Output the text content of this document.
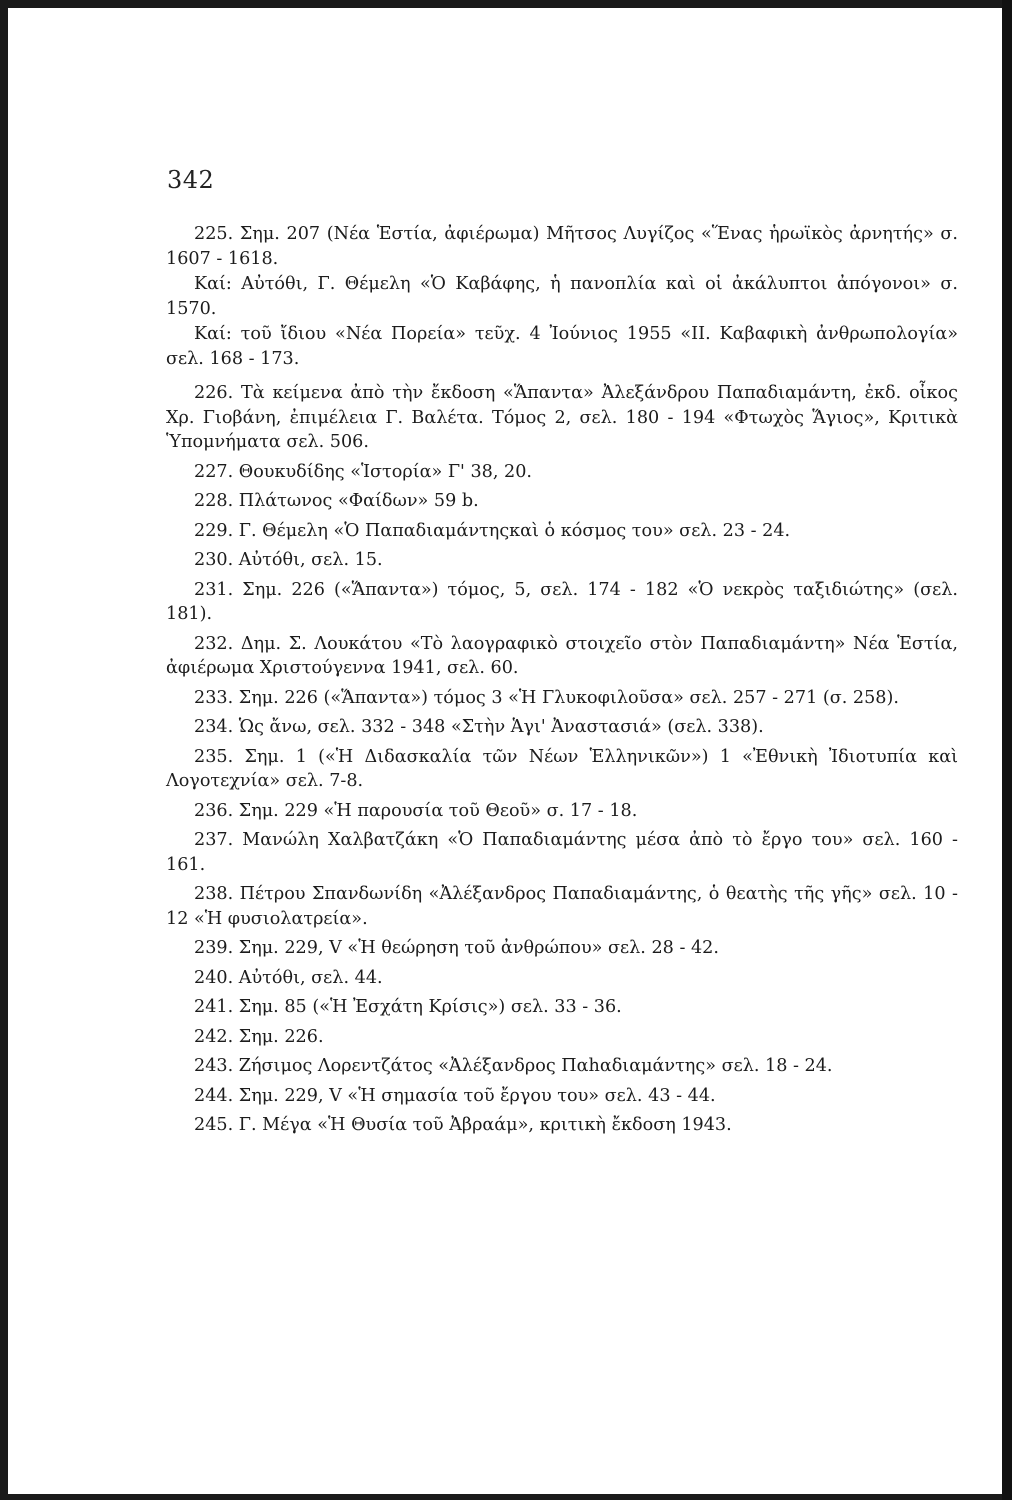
342

225. Σημ. 207 (Νέα Ἑστία, ἀφιέρωμα) Μῆτσος Λυγίζος «Ἕνας ἡρωϊκὸς ἀρνητής» σ. 1607 - 1618.

Καί: Αὐτόθι, Γ. Θέμελη «Ὁ Καβάφης, ἡ πανοπλία καὶ οἱ ἀκάλυπτοι ἀπόγονοι» σ. 1570.

Καί: τοῦ ἴδιου «Νέα Πορεία» τεῦχ. 4 Ἰούνιος 1955 «ΙΙ. Καβαφικὴ ἀνθρωπολογία» σελ. 168 - 173.

226. Τὰ κείμενα ἀπὸ τὴν ἔκδοση «Ἅπαντα» Ἀλεξάνδρου Παπαδιαμάντη, ἐκδ. οἶκος Χρ. Γιοβάνη, ἐπιμέλεια Γ. Βαλέτα. Τόμος 2, σελ. 180 - 194 «Φτωχὸς Ἅγιος», Κριτικὰ Ὑπομνήματα σελ. 506.

227. Θουκυδίδης «Ἱστορία» Γ' 38, 20.

228. Πλάτωνος «Φαίδων» 59 b.

229. Γ. Θέμελη «Ὁ Παπαδιαμάντηςκαὶ ὁ κόσμος του» σελ. 23 - 24.

230. Αὐτόθι, σελ. 15.

231. Σημ. 226 («Ἅπαντα») τόμος, 5, σελ. 174 - 182 «Ὁ νεκρὸς ταξιδιώτης» (σελ. 181).

232. Δημ. Σ. Λουκάτου «Τὸ λαογραφικὸ στοιχεῖο στὸν Παπαδιαμάντη» Νέα Ἑστία, ἀφιέρωμα Χριστούγεννα 1941, σελ. 60.

233. Σημ. 226 («Ἅπαντα») τόμος 3 «Ἡ Γλυκοφιλοῦσα» σελ. 257 - 271 (σ. 258).

234. Ὡς ἄνω, σελ. 332 - 348 «Στὴν Ἁγι' Ἀναστασιά» (σελ. 338).

235. Σημ. 1 («Ἡ Διδασκαλία τῶν Νέων Ἑλληνικῶν») 1 «Ἐθνικὴ Ἰδιοτυπία καὶ Λογοτεχνία» σελ. 7-8.

236. Σημ. 229 «Ἡ παρουσία τοῦ Θεοῦ» σ. 17 - 18.

237. Μανώλη Χαλβατζάκη «Ὁ Παπαδιαμάντης μέσα ἀπὸ τὸ ἔργο του» σελ. 160 - 161.

238. Πέτρου Σπανδωνίδη «Ἀλέξανδρος Παπαδιαμάντης, ὁ θεατὴς τῆς γῆς» σελ. 10 - 12 «Ἡ φυσιολατρεία».

239. Σημ. 229, V «Ἡ θεώρηση τοῦ ἀνθρώπου» σελ. 28 - 42.

240. Αὐτόθι, σελ. 44.

241. Σημ. 85 («Ἡ Ἐσχάτη Κρίσις») σελ. 33 - 36.

242. Σημ. 226.

243. Ζήσιμος Λορεντζάτος «Ἀλέξανδρος Παhαδιαμάντης» σελ. 18 - 24.

244. Σημ. 229, V «Ἡ σημασία τοῦ ἔργου του» σελ. 43 - 44.

245. Γ. Μέγα «Ἡ Θυσία τοῦ Ἀβραάμ», κριτικὴ ἔκδοση 1943.
